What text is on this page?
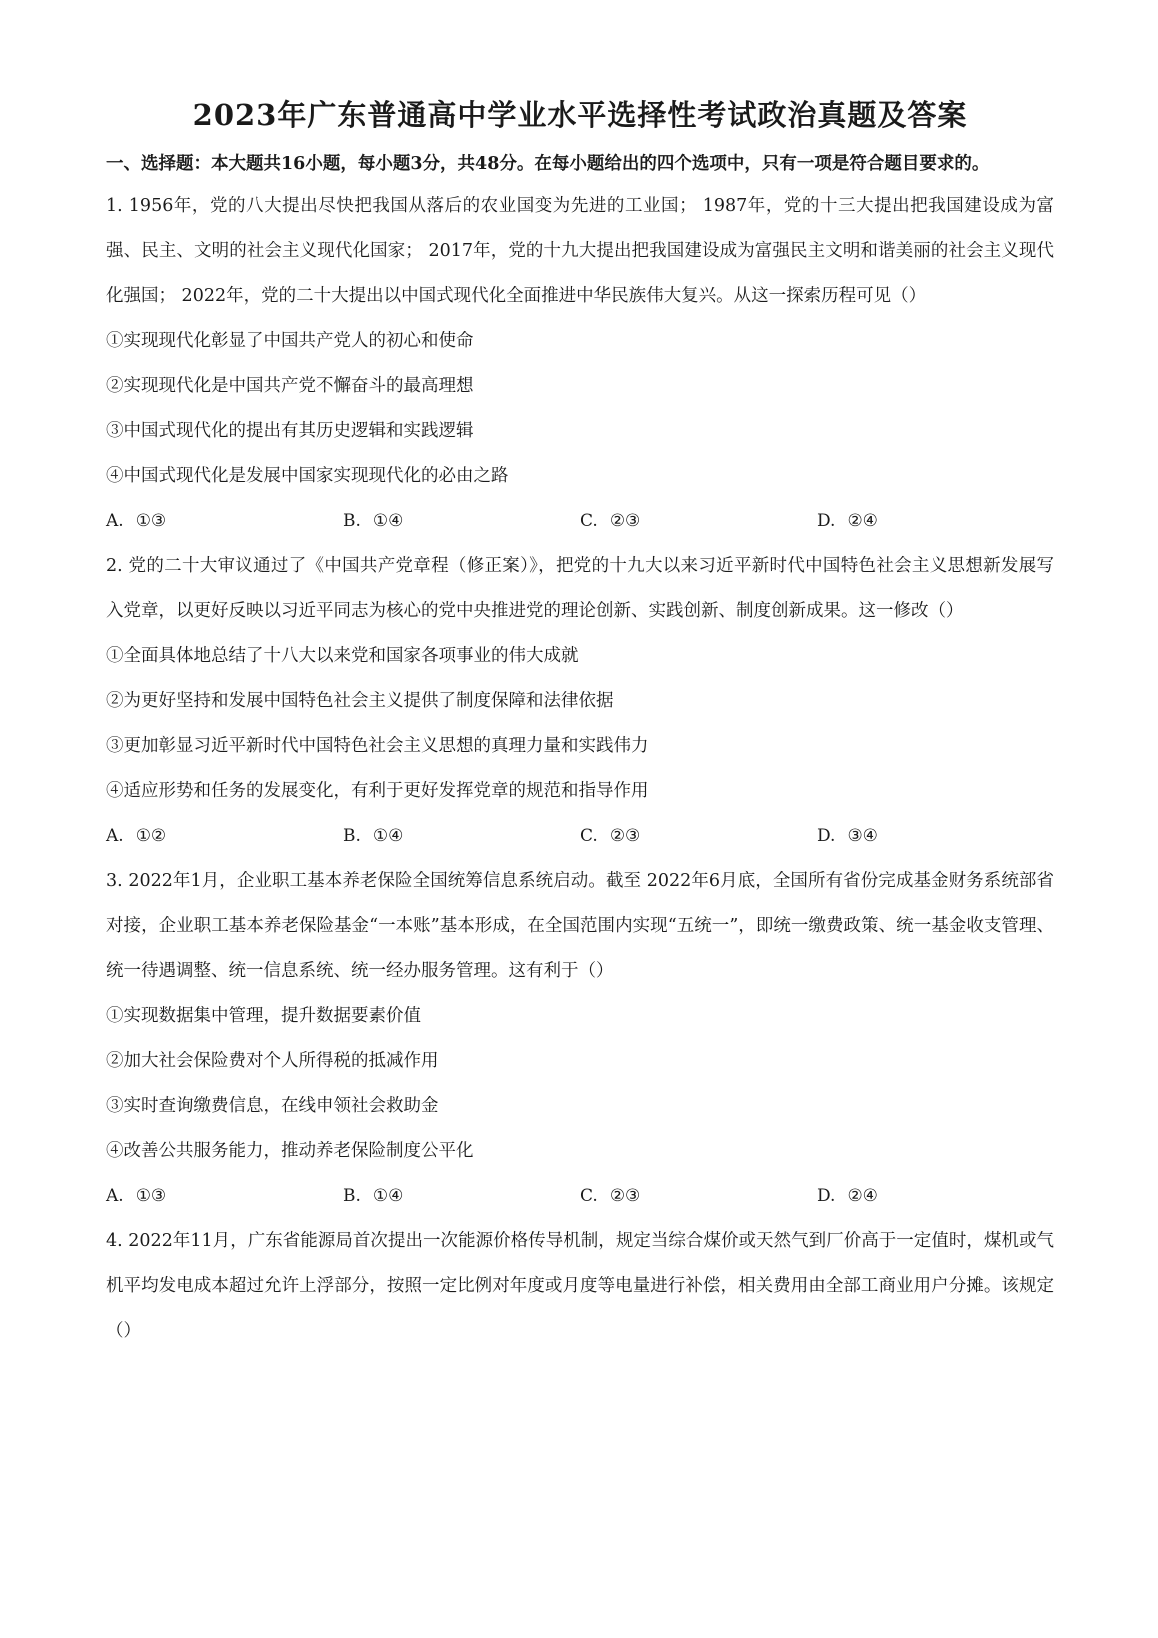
2023年广东普通高中学业水平选择性考试政治真题及答案
一、选择题：本大题共16小题，每小题3分，共48分。在每小题给出的四个选项中，只有一项是符合题目要求的。

1. 1956年，党的八大提出尽快把我国从落后的农业国变为先进的工业国； 1987年，党的十三大提出把我国建设成为富强、民主、文明的社会主义现代化国家； 2017年，党的十九大提出把我国建设成为富强民主文明和谐美丽的社会主义现代化强国； 2022年，党的二十大提出以中国式现代化全面推进中华民族伟大复兴。从这一探索历程可见（）

①实现现代化彰显了中国共产党人的初心和使命

②实现现代化是中国共产党不懈奋斗的最高理想

③中国式现代化的提出有其历史逻辑和实践逻辑

④中国式现代化是发展中国家实现现代化的必由之路

A. ①③	B. ①④	C. ②③	D. ②④

2. 党的二十大审议通过了《中国共产党章程（修正案）》，把党的十九大以来习近平新时代中国特色社会主义思想新发展写入党章，以更好反映以习近平同志为核心的党中央推进党的理论创新、实践创新、制度创新成果。这一修改（）

①全面具体地总结了十八大以来党和国家各项事业的伟大成就

②为更好坚持和发展中国特色社会主义提供了制度保障和法律依据

③更加彰显习近平新时代中国特色社会主义思想的真理力量和实践伟力

④适应形势和任务的发展变化，有利于更好发挥党章的规范和指导作用

A. ①②	B. ①④	C. ②③	D. ③④

3. 2022年1月，企业职工基本养老保险全国统筹信息系统启动。截至 2022年6月底，全国所有省份完成基金财务系统部省对接，企业职工基本养老保险基金“一本账”基本形成，在全国范围内实现“五统一”，即统一缴费政策、统一基金收支管理、统一待遇调整、统一信息系统、统一经办服务管理。这有利于（）

①实现数据集中管理，提升数据要素价值

②加大社会保险费对个人所得税的抵减作用

③实时查询缴费信息，在线申领社会救助金

④改善公共服务能力，推动养老保险制度公平化

A. ①③	B. ①④	C. ②③	D. ②④

4. 2022年11月，广东省能源局首次提出一次能源价格传导机制，规定当综合煤价或天然气到厂价高于一定值时，煤机或气机平均发电成本超过允许上浮部分，按照一定比例对年度或月度等电量进行补偿，相关费用由全部工商业用户分摊。该规定（）
